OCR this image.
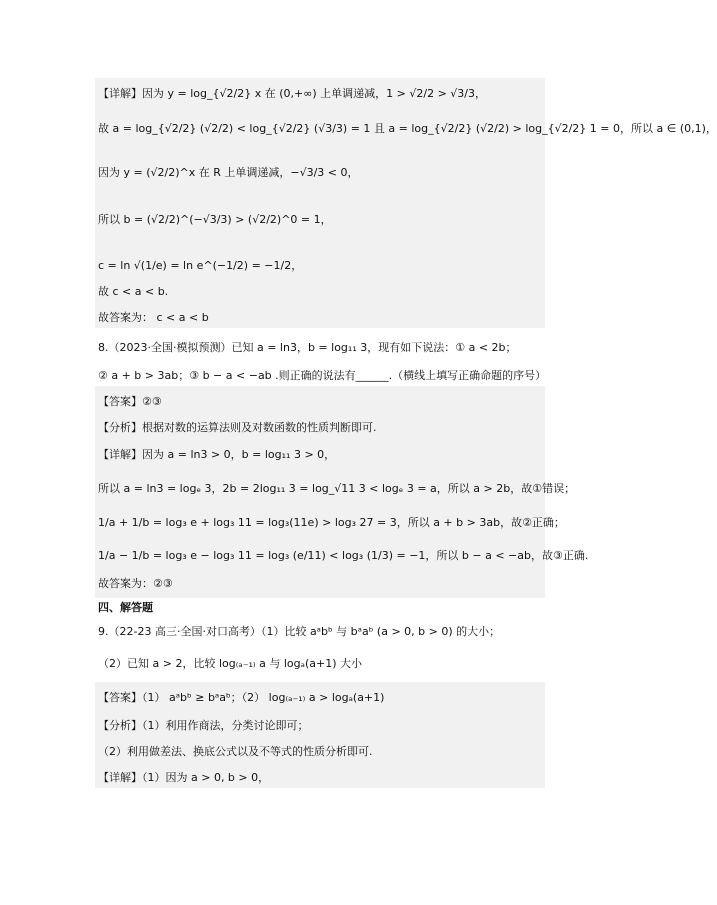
【详解】因为 y = log_{√2/2} x 在 (0,+∞) 上单调递减，1 > √2/2 > √3/3，
故 a = log_{√2/2} (√2/2) < log_{√2/2} (√3/3) = 1 且 a = log_{√2/2} (√2/2) > log_{√2/2} 1 = 0，所以 a ∈ (0,1)，
因为 y = (√2/2)^x 在 R 上单调递减，−√3/3 < 0，
所以 b = (√2/2)^(−√3/3) > (√2/2)^0 = 1，
c = ln √(1/e) = ln e^(−1/2) = −1/2，
故 c < a < b.
故答案为： c < a < b
8.（2023·全国·模拟预测）已知 a = ln3，b = log₁₁ 3，现有如下说法：① a < 2b；
② a + b > 3ab；③ b − a < −ab .则正确的说法有______.（横线上填写正确命题的序号）
【答案】②③
【分析】根据对数的运算法则及对数函数的性质判断即可.
【详解】因为 a = ln3 > 0，b = log₁₁ 3 > 0，
所以 a = ln3 = logₑ 3，2b = 2log₁₁ 3 = log_√11 3 < logₑ 3 = a，所以 a > 2b，故①错误；
1/a + 1/b = log₃ e + log₃ 11 = log₃(11e) > log₃ 27 = 3，所以 a + b > 3ab，故②正确；
1/a − 1/b = log₃ e − log₃ 11 = log₃ (e/11) < log₃ (1/3) = −1，所以 b − a < −ab，故③正确.
故答案为：②③
四、解答题
9.（22-23 高三·全国·对口高考）（1）比较 aᵃbᵇ 与 bᵃaᵇ (a > 0, b > 0) 的大小；
（2）已知 a > 2，比较 log₍ₐ₋₁₎ a 与 logₐ(a+1) 大小
【答案】（1） aᵃbᵇ ≥ bᵃaᵇ；（2） log₍ₐ₋₁₎ a > logₐ(a+1)
【分析】（1）利用作商法，分类讨论即可；
（2）利用做差法、换底公式以及不等式的性质分析即可.
【详解】（1）因为 a > 0, b > 0，
